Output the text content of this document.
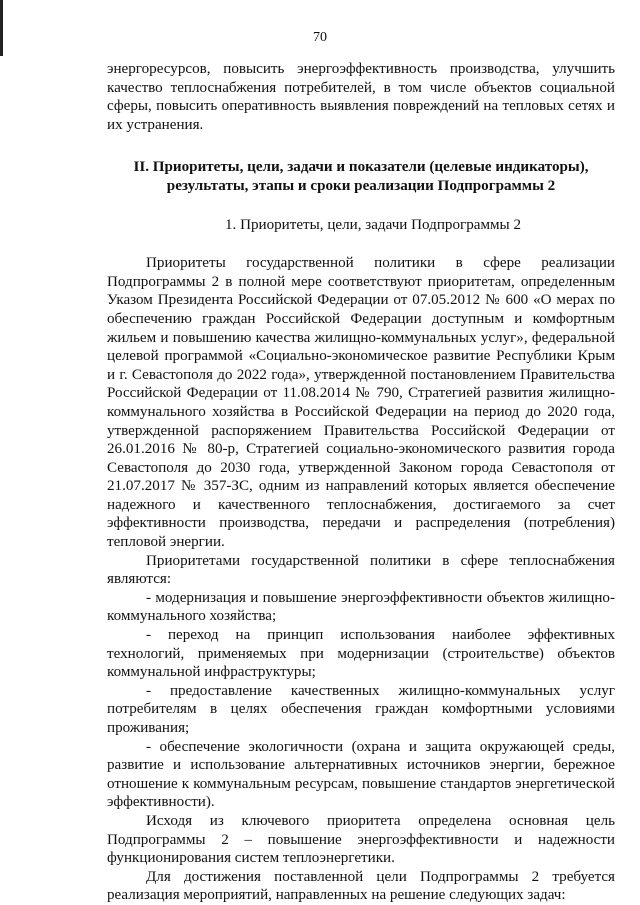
70

энергоресурсов, повысить энергоэффективность производства, улучшить качество теплоснабжения потребителей, в том числе объектов социальной сферы, повысить оперативность выявления повреждений на тепловых сетях и их устранения.

II. Приоритеты, цели, задачи и показатели (целевые индикаторы), результаты, этапы и сроки реализации Подпрограммы 2

1. Приоритеты, цели, задачи Подпрограммы 2

Приоритеты государственной политики в сфере реализации Подпрограммы 2 в полной мере соответствуют приоритетам, определенным Указом Президента Российской Федерации от 07.05.2012 № 600 «О мерах по обеспечению граждан Российской Федерации доступным и комфортным жильем и повышению качества жилищно-коммунальных услуг», федеральной целевой программой «Социально-экономическое развитие Республики Крым и г. Севастополя до 2022 года», утвержденной постановлением Правительства Российской Федерации от 11.08.2014 № 790, Стратегией развития жилищно-коммунального хозяйства в Российской Федерации на период до 2020 года, утвержденной распоряжением Правительства Российской Федерации от 26.01.2016 № 80-р, Стратегией социально-экономического развития города Севастополя до 2030 года, утвержденной Законом города Севастополя от 21.07.2017 № 357-ЗС, одним из направлений которых является обеспечение надежного и качественного теплоснабжения, достигаемого за счет эффективности производства, передачи и распределения (потребления) тепловой энергии.

Приоритетами государственной политики в сфере теплоснабжения являются:

- модернизация и повышение энергоэффективности объектов жилищно-коммунального хозяйства;

- переход на принцип использования наиболее эффективных технологий, применяемых при модернизации (строительстве) объектов коммунальной инфраструктуры;

- предоставление качественных жилищно-коммунальных услуг потребителям в целях обеспечения граждан комфортными условиями проживания;

- обеспечение экологичности (охрана и защита окружающей среды, развитие и использование альтернативных источников энергии, бережное отношение к коммунальным ресурсам, повышение стандартов энергетической эффективности).

Исходя из ключевого приоритета определена основная цель Подпрограммы 2 – повышение энергоэффективности и надежности функционирования систем теплоэнергетики.

Для достижения поставленной цели Подпрограммы 2 требуется реализация мероприятий, направленных на решение следующих задач:
